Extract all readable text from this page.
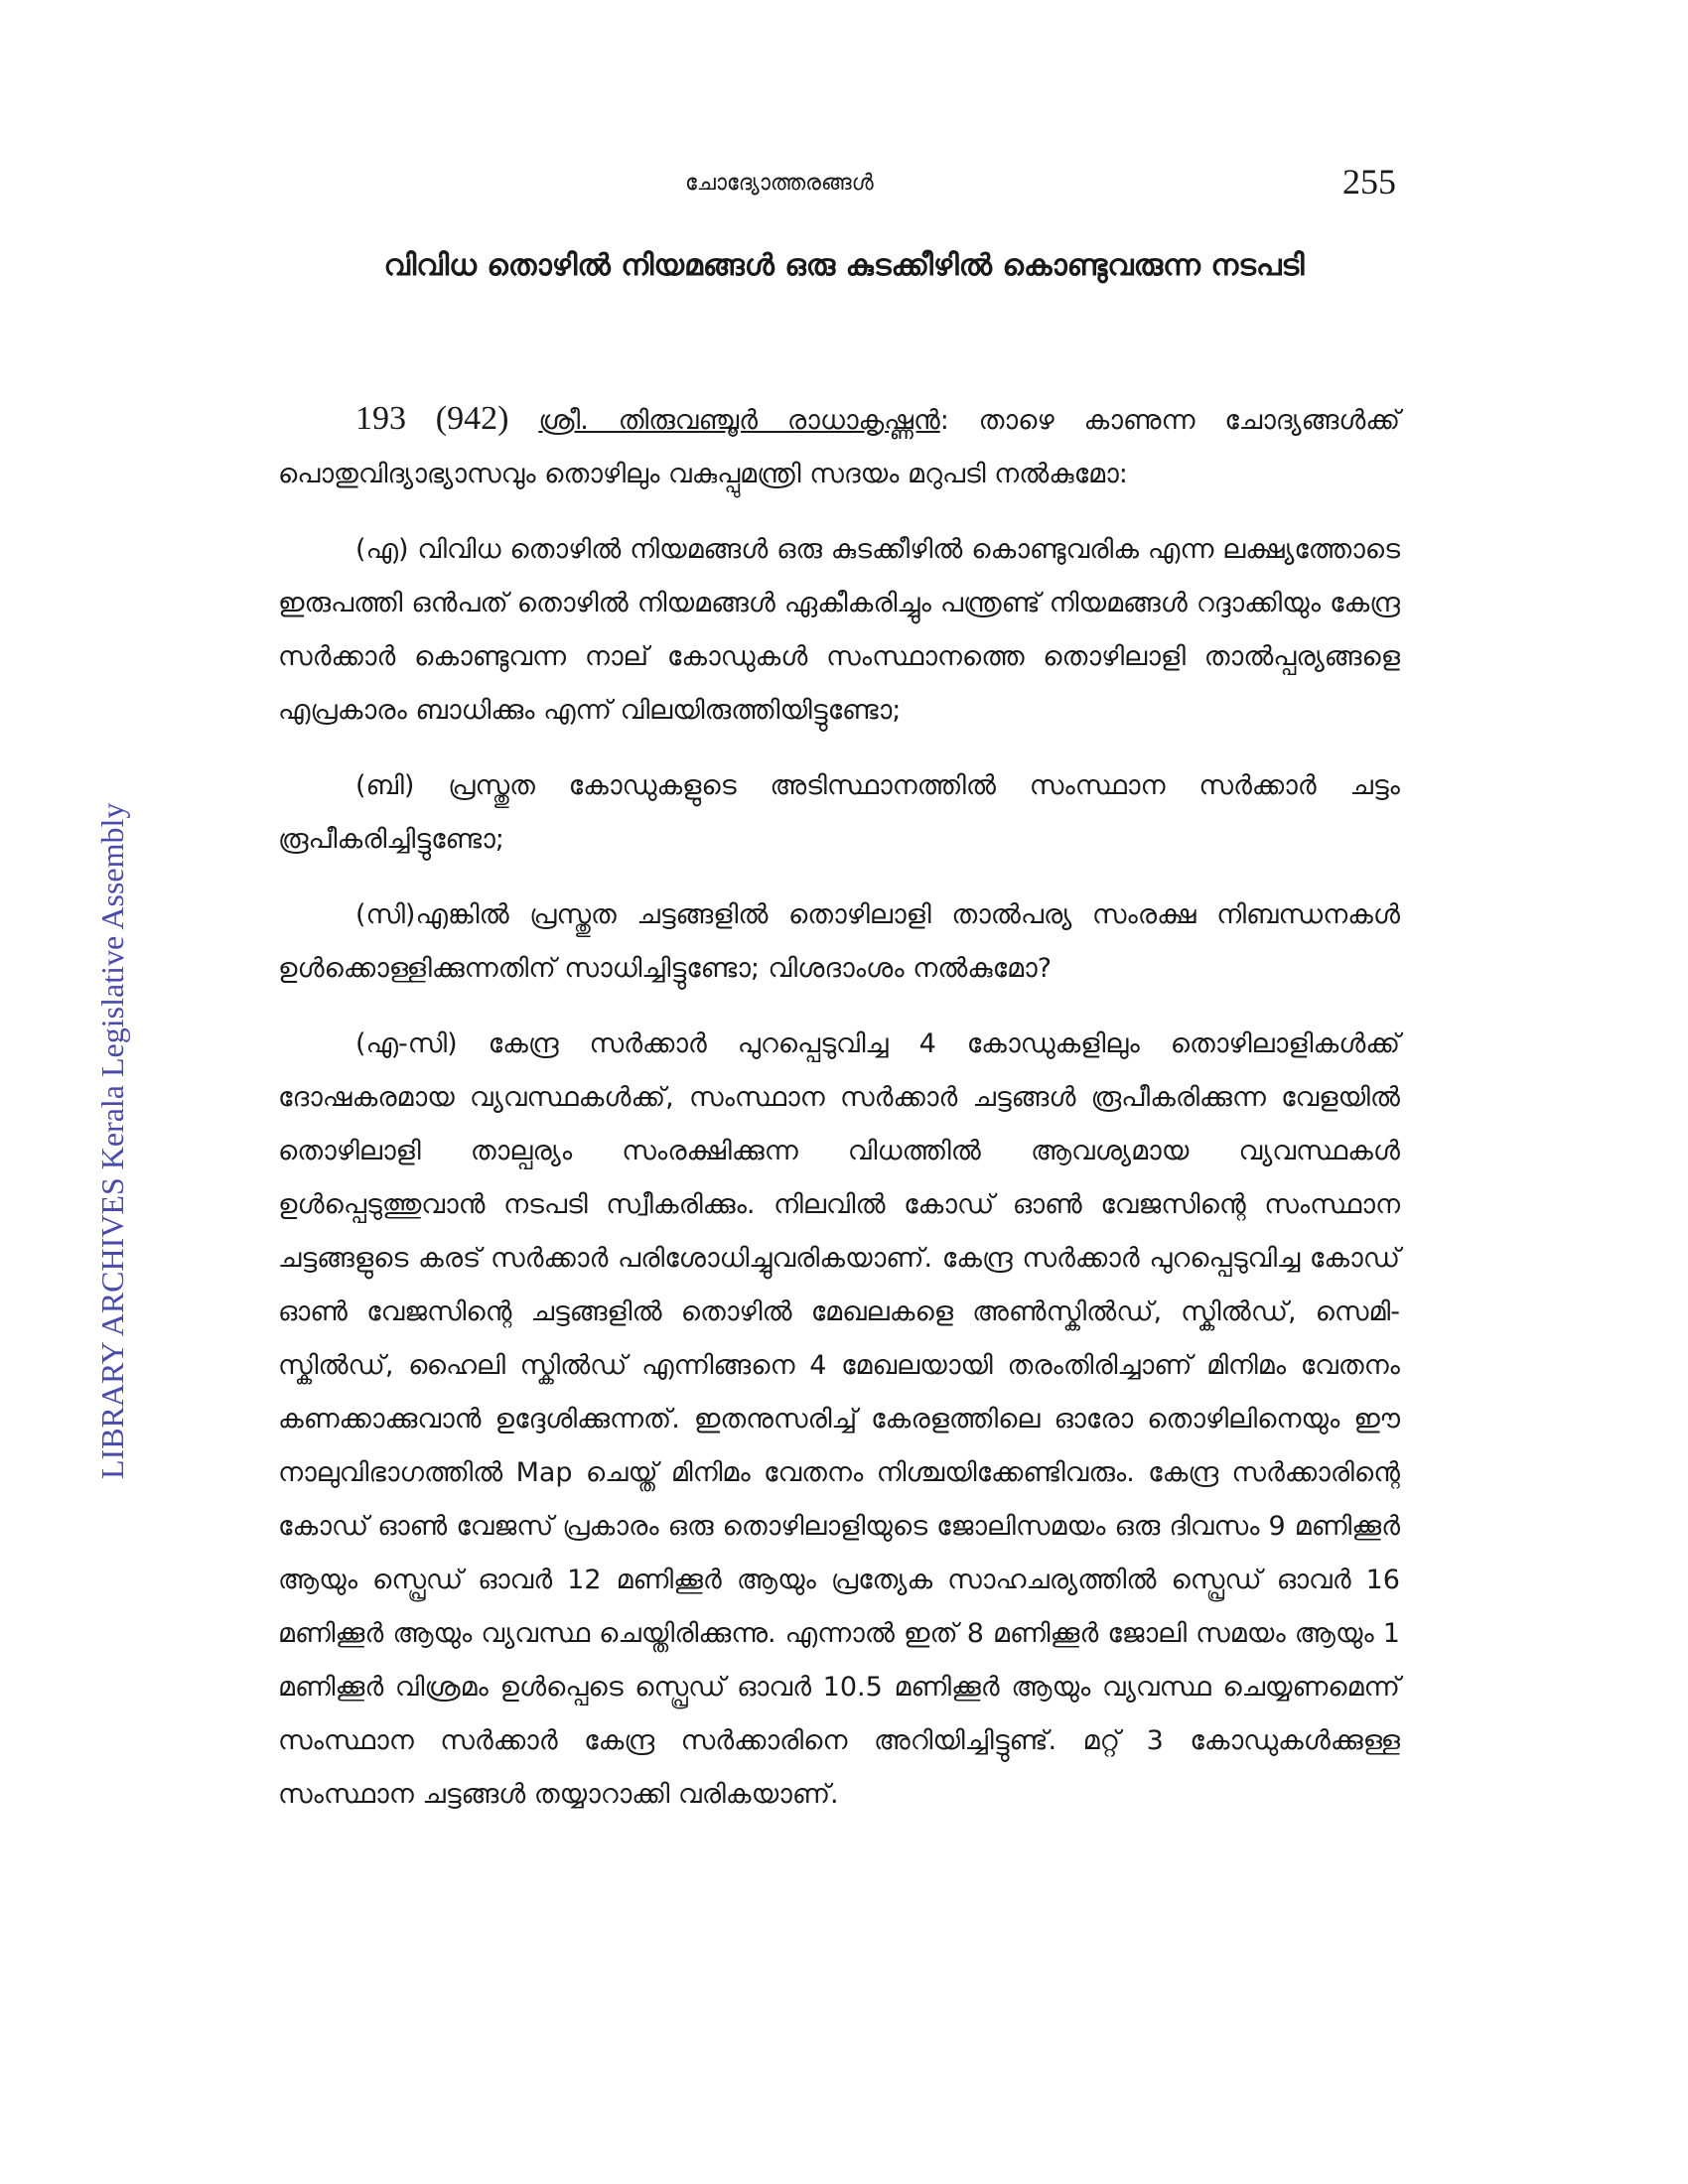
ചോദ്യോത്തരങ്ങൾ	255
LIBRARY ARCHIVES Kerala Legislative Assembly
വിവിധ തൊഴിൽ നിയമങ്ങൾ ഒരു കുടക്കീഴിൽ കൊണ്ടുവരുന്ന നടപടി

193 (942) ശ്രീ. തിരുവഞ്ചൂർ രാധാകൃഷ്ണൻ: താഴെ കാണുന്ന ചോദ്യങ്ങൾക്ക് പൊതുവിദ്യാഭ്യാസവും തൊഴിലും വകുപ്പുമന്ത്രി സദയം മറുപടി നൽകുമോ:

(എ) വിവിധ തൊഴിൽ നിയമങ്ങൾ ഒരു കുടക്കീഴിൽ കൊണ്ടുവരിക എന്ന ലക്ഷ്യത്തോടെ ഇരുപത്തി ഒൻപത് തൊഴിൽ നിയമങ്ങൾ ഏകീകരിച്ചും പന്ത്രണ്ട് നിയമങ്ങൾ റദ്ദാക്കിയും കേന്ദ്ര സർക്കാർ കൊണ്ടുവന്ന നാല് കോഡുകൾ സംസ്ഥാനത്തെ തൊഴിലാളി താൽപ്പര്യങ്ങളെ എപ്രകാരം ബാധിക്കും എന്ന് വിലയിരുത്തിയിട്ടുണ്ടോ;

(ബി) പ്രസ്തുത കോഡുകളുടെ അടിസ്ഥാനത്തിൽ സംസ്ഥാന സർക്കാർ ചട്ടം രൂപീകരിച്ചിട്ടുണ്ടോ;

(സി)എങ്കിൽ പ്രസ്തുത ചട്ടങ്ങളിൽ തൊഴിലാളി താൽപര്യ സംരക്ഷ നിബന്ധനകൾ ഉൾക്കൊള്ളിക്കുന്നതിന് സാധിച്ചിട്ടുണ്ടോ; വിശദാംശം നൽകുമോ?

(എ-സി) കേന്ദ്ര സർക്കാർ പുറപ്പെടുവിച്ച 4 കോഡുകളിലും തൊഴിലാളികൾക്ക് ദോഷകരമായ വ്യവസ്ഥകൾക്ക്, സംസ്ഥാന സർക്കാർ ചട്ടങ്ങൾ രൂപീകരിക്കുന്ന വേളയിൽ തൊഴിലാളി താല്പര്യം സംരക്ഷിക്കുന്ന വിധത്തിൽ ആവശ്യമായ വ്യവസ്ഥകൾ ഉൾപ്പെടുത്തുവാൻ നടപടി സ്വീകരിക്കും. നിലവിൽ കോഡ് ഓൺ വേജസിന്റെ സംസ്ഥാന ചട്ടങ്ങളുടെ കരട് സർക്കാർ പരിശോധിച്ചുവരികയാണ്. കേന്ദ്ര സർക്കാർ പുറപ്പെടുവിച്ച കോഡ് ഓൺ വേജസിന്റെ ചട്ടങ്ങളിൽ തൊഴിൽ മേഖലകളെ അൺസ്കിൽഡ്, സ്കിൽഡ്, സെമി-സ്കിൽഡ്, ഹൈലി സ്കിൽഡ് എന്നിങ്ങനെ 4 മേഖലയായി തരംതിരിച്ചാണ് മിനിമം വേതനം കണക്കാക്കുവാൻ ഉദ്ദേശിക്കുന്നത്. ഇതനുസരിച്ച് കേരളത്തിലെ ഓരോ തൊഴിലിനെയും ഈ നാലുവിഭാഗത്തിൽ Map ചെയ്ത് മിനിമം വേതനം നിശ്ചയിക്കേണ്ടിവരും. കേന്ദ്ര സർക്കാരിന്റെ കോഡ് ഓൺ വേജസ് പ്രകാരം ഒരു തൊഴിലാളിയുടെ ജോലിസമയം ഒരു ദിവസം 9 മണിക്കൂർ ആയും സ്പ്രെഡ് ഓവർ 12 മണിക്കൂർ ആയും പ്രത്യേക സാഹചര്യത്തിൽ സ്പ്രെഡ് ഓവർ 16 മണിക്കൂർ ആയും വ്യവസ്ഥ ചെയ്തിരിക്കുന്നു. എന്നാൽ ഇത് 8 മണിക്കൂർ ജോലി സമയം ആയും 1 മണിക്കൂർ വിശ്രമം ഉൾപ്പെടെ സ്പ്രെഡ് ഓവർ 10.5 മണിക്കൂർ ആയും വ്യവസ്ഥ ചെയ്യണമെന്ന് സംസ്ഥാന സർക്കാർ കേന്ദ്ര സർക്കാരിനെ അറിയിച്ചിട്ടുണ്ട്. മറ്റ് 3 കോഡുകൾക്കുള്ള സംസ്ഥാന ചട്ടങ്ങൾ തയ്യാറാക്കി വരികയാണ്.
